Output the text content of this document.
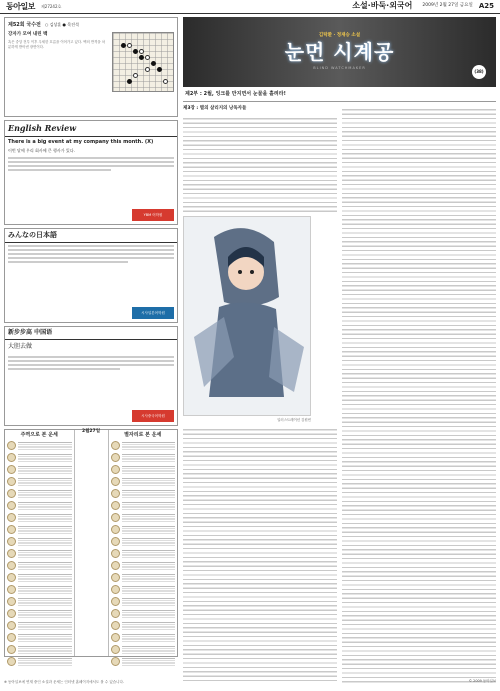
동아일보 제27242호	소설·바둑·외국어 2009년 2월 27일 금요일 A25
제52회 국수전 ○ 김상훈 ● 목진석
강자가 모여 내린 백
흑은 중앙 전투 이후 우세한 흐름을 이어가고 있다. 백의 반격을 차분하게 받아낸 장면이다.
English Review
There is a big event at my company this month. (X)
이번 달에 우리 회사에 큰 행사가 있다.
YBM 어학원
みんなの日本語
시사일본어학원
新步步高 中国语
大胆去做
시사중국어학원
주역으로 본 운세
2월27일
별자리로 본 운세
※ 동아일보에 연재 중인 소설과 운세는 인터넷 홈페이지에서도 볼 수 있습니다.
김탁환 · 정재승 소설
눈먼 시계공
BLIND WATCHMAKER
(38)
제2부 : 2월, 잉크를 만지면서 눈물을 흘려라!
제3장 : 별의 살리지의 낭독자들
일러스트레이션 김원빈
© 2009 동아일보
